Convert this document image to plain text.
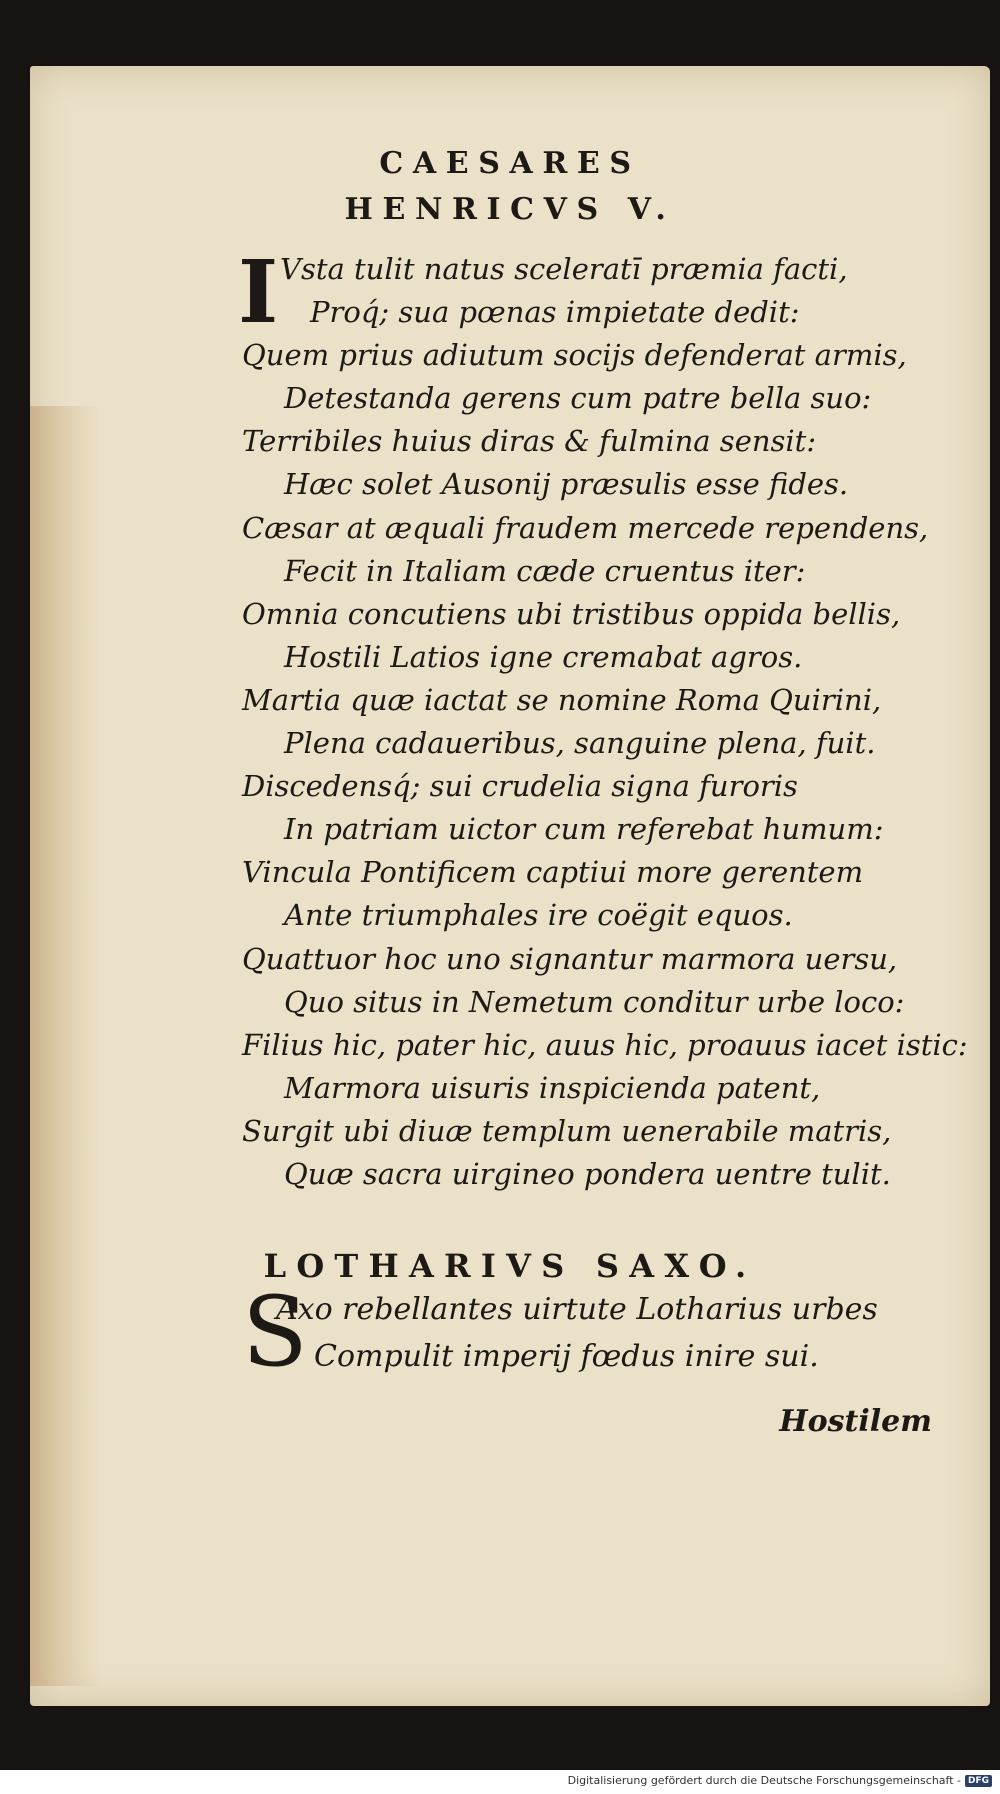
CAESARES
HENRICVS V.
I Vsta tulit natus sceleratī præmia facti,
Proq́; sua pœnas impietate dedit:
Quem prius adiutum socijs defenderat armis,
Detestanda gerens cum patre bella suo:
Terribiles huius diras & fulmina sensit:
Hæc solet Ausonij præsulis esse fides.
Cæsar at æquali fraudem mercede rependens,
Fecit in Italiam cæde cruentus iter:
Omnia concutiens ubi tristibus oppida bellis,
Hostili Latios igne cremabat agros.
Martia quæ iactat se nomine Roma Quirini,
Plena cadaueribus, sanguine plena, fuit.
Discedensq́; sui crudelia signa furoris
In patriam uictor cum referebat humum:
Vincula Pontificem captiui more gerentem
Ante triumphales ire coëgit equos.
Quattuor hoc uno signantur marmora uersu,
Quo situs in Nemetum conditur urbe loco:
Filius hic, pater hic, auus hic, proauus iacet istic:
Marmora uisuris inspicienda patent,
Surgit ubi diuæ templum uenerabile matris,
Quæ sacra uirgineo pondera uentre tulit.
LOTHARIVS SAXO.
S
Axo rebellantes uirtute Lotharius urbes
Compulit imperij fœdus inire sui.
Hostilem
Digitalisierung gefördert durch die Deutsche Forschungsgemeinschaft - DFG
